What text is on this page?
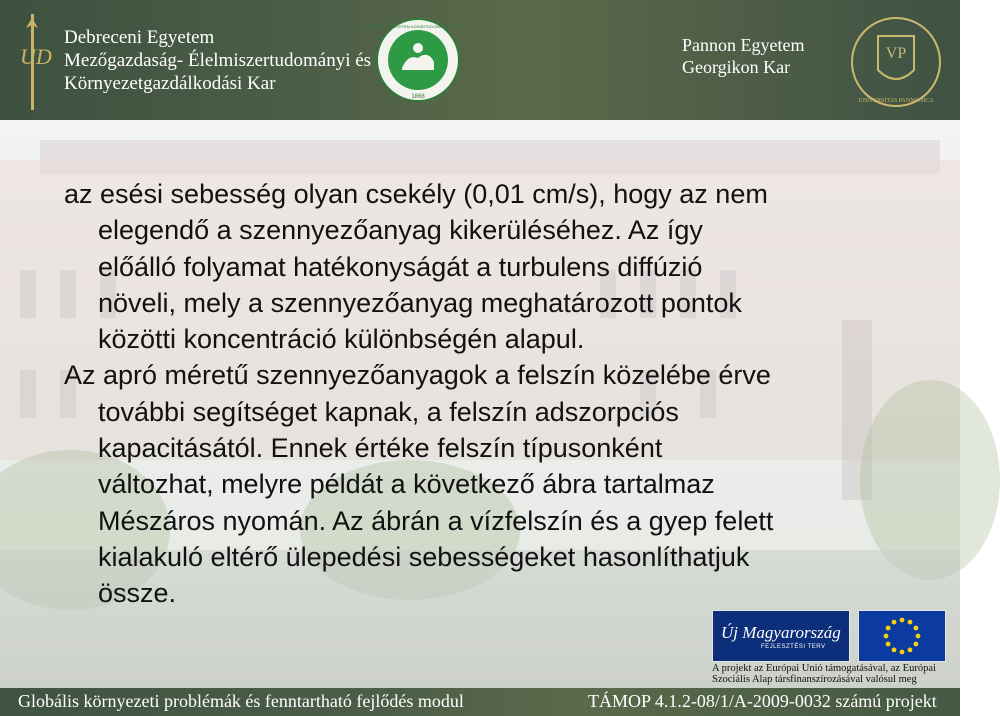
UD
Debreceni Egyetem
Mezőgazdaság- Élelmiszertudományi és
Környezetgazdálkodási Kar
1868
DEBRECENI EGYETEM AGRÁRTUDOMÁNYI CENTRUM
Pannon Egyetem
Georgikon Kar
VP
UNIVERSITAS PANNONICA

az esési sebesség olyan csekély (0,01 cm/s), hogy az nem
elegendő a szennyezőanyag kikerüléséhez. Az így
előálló folyamat hatékonyságát a turbulens diffúzió
növeli, mely a szennyezőanyag meghatározott pontok
közötti koncentráció különbségén alapul.

Az apró méretű szennyezőanyagok a felszín közelébe érve
további segítséget kapnak, a felszín adszorpciós
kapacitásától. Ennek értéke felszín típusonként
változhat, melyre példát a következő ábra tartalmaz
Mészáros nyomán. Az ábrán a vízfelszín és a gyep felett
kialakuló eltérő ülepedési sebességeket hasonlíthatjuk
össze.

Új Magyarország
FEJLESZTÉSI TERV
A projekt az Európai Unió támogatásával, az Európai
Szociális Alap társfinanszírozásával valósul meg
Globális környezeti problémák és fenntartható fejlődés modul	TÁMOP 4.1.2-08/1/A-2009-0032 számú projekt
